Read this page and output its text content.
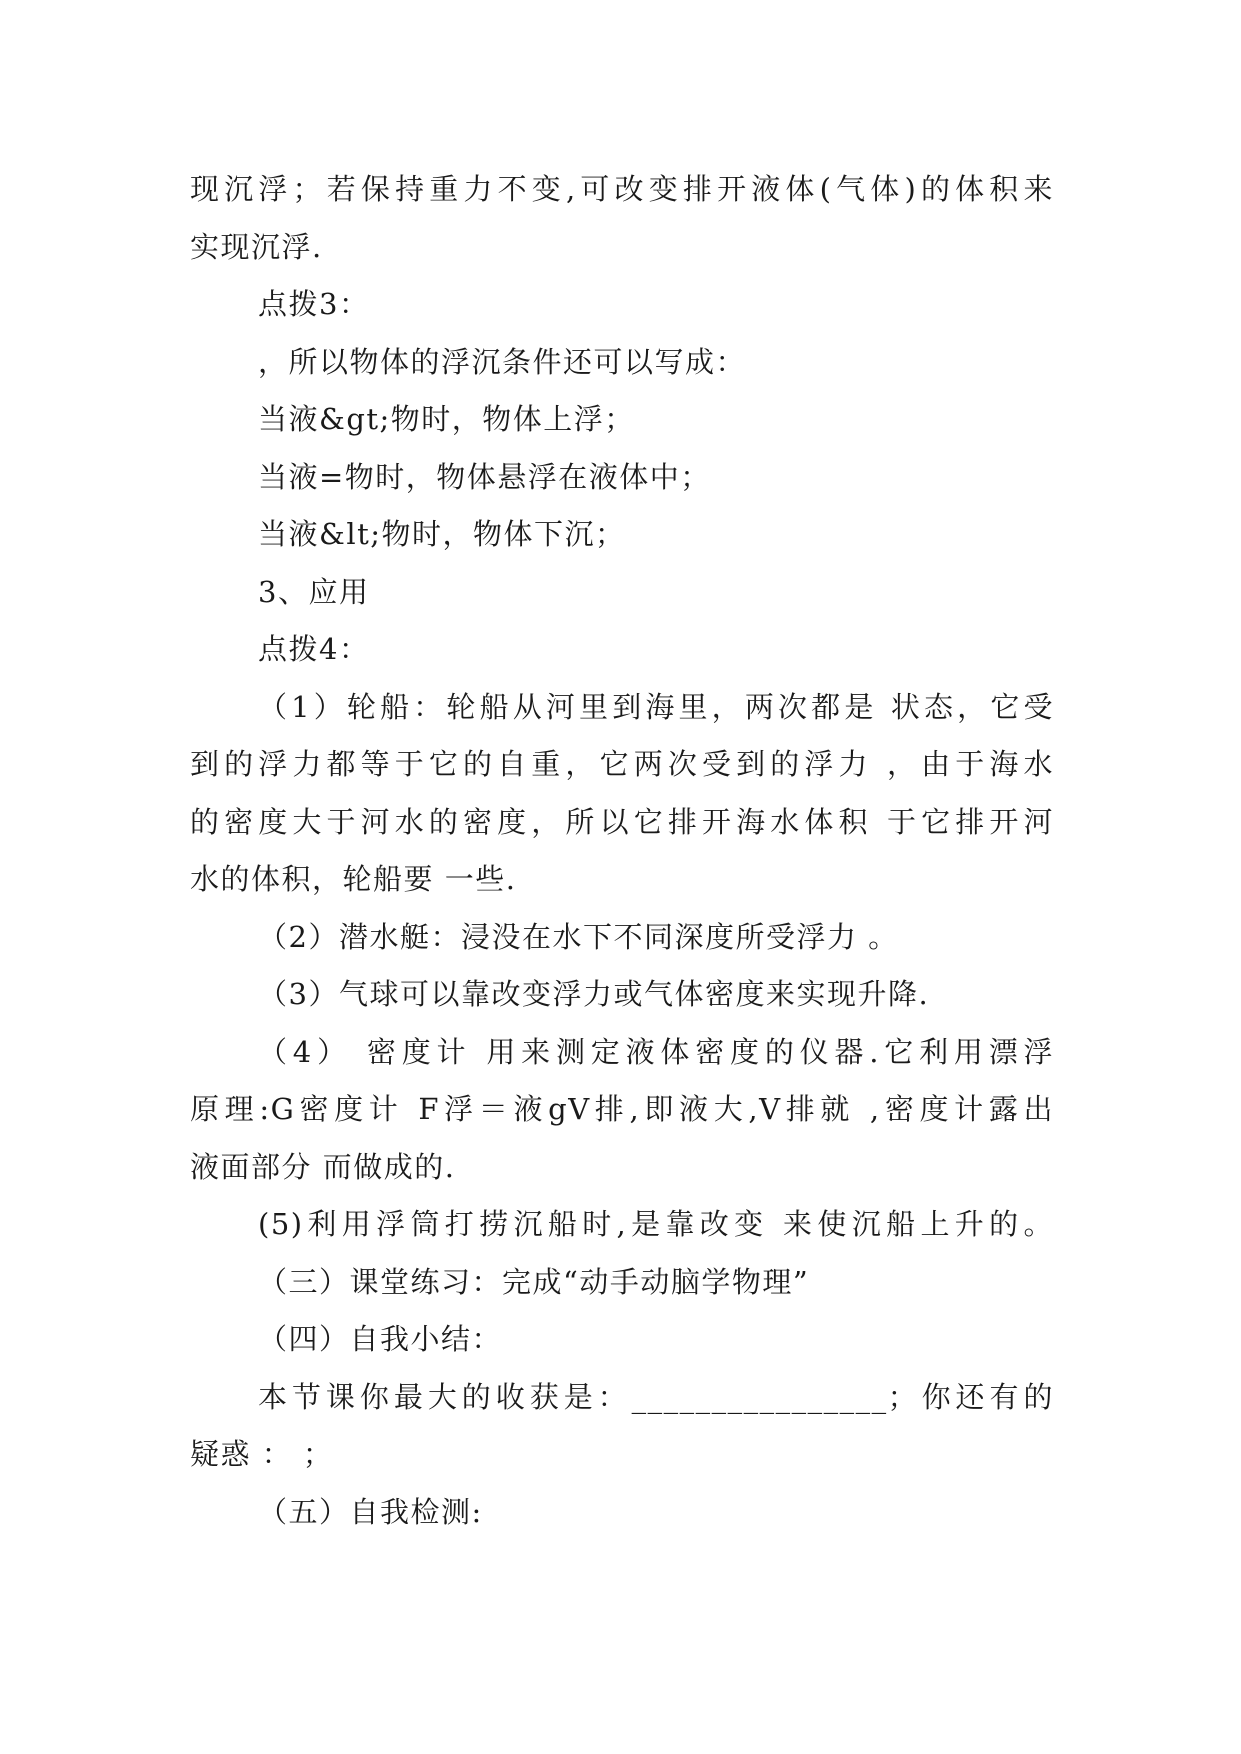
现沉浮；若保持重力不变,可改变排开液体(气体)的体积来
实现沉浮.
点拨3：
，所以物体的浮沉条件还可以写成：
当液&gt;物时，物体上浮；
当液=物时，物体悬浮在液体中；
当液&lt;物时，物体下沉；
3、应用
点拨4：
（1）轮船：轮船从河里到海里，两次都是 状态，它受
到的浮力都等于它的自重，它两次受到的浮力 ，由于海水
的密度大于河水的密度，所以它排开海水体积 于它排开河
水的体积，轮船要 一些.
（2）潜水艇：浸没在水下不同深度所受浮力 。
（3）气球可以靠改变浮力或气体密度来实现升降.
（4） 密度计 用来测定液体密度的仪器.它利用漂浮
原理:G密度计 F浮＝液gV排,即液大,V排就 ,密度计露出
液面部分 而做成的.
(5)利用浮筒打捞沉船时,是靠改变 来使沉船上升的。
（三）课堂练习：完成“动手动脑学物理”
（四）自我小结：
本节课你最大的收获是：________________；你还有的
疑惑 ： ；
（五）自我检测:
